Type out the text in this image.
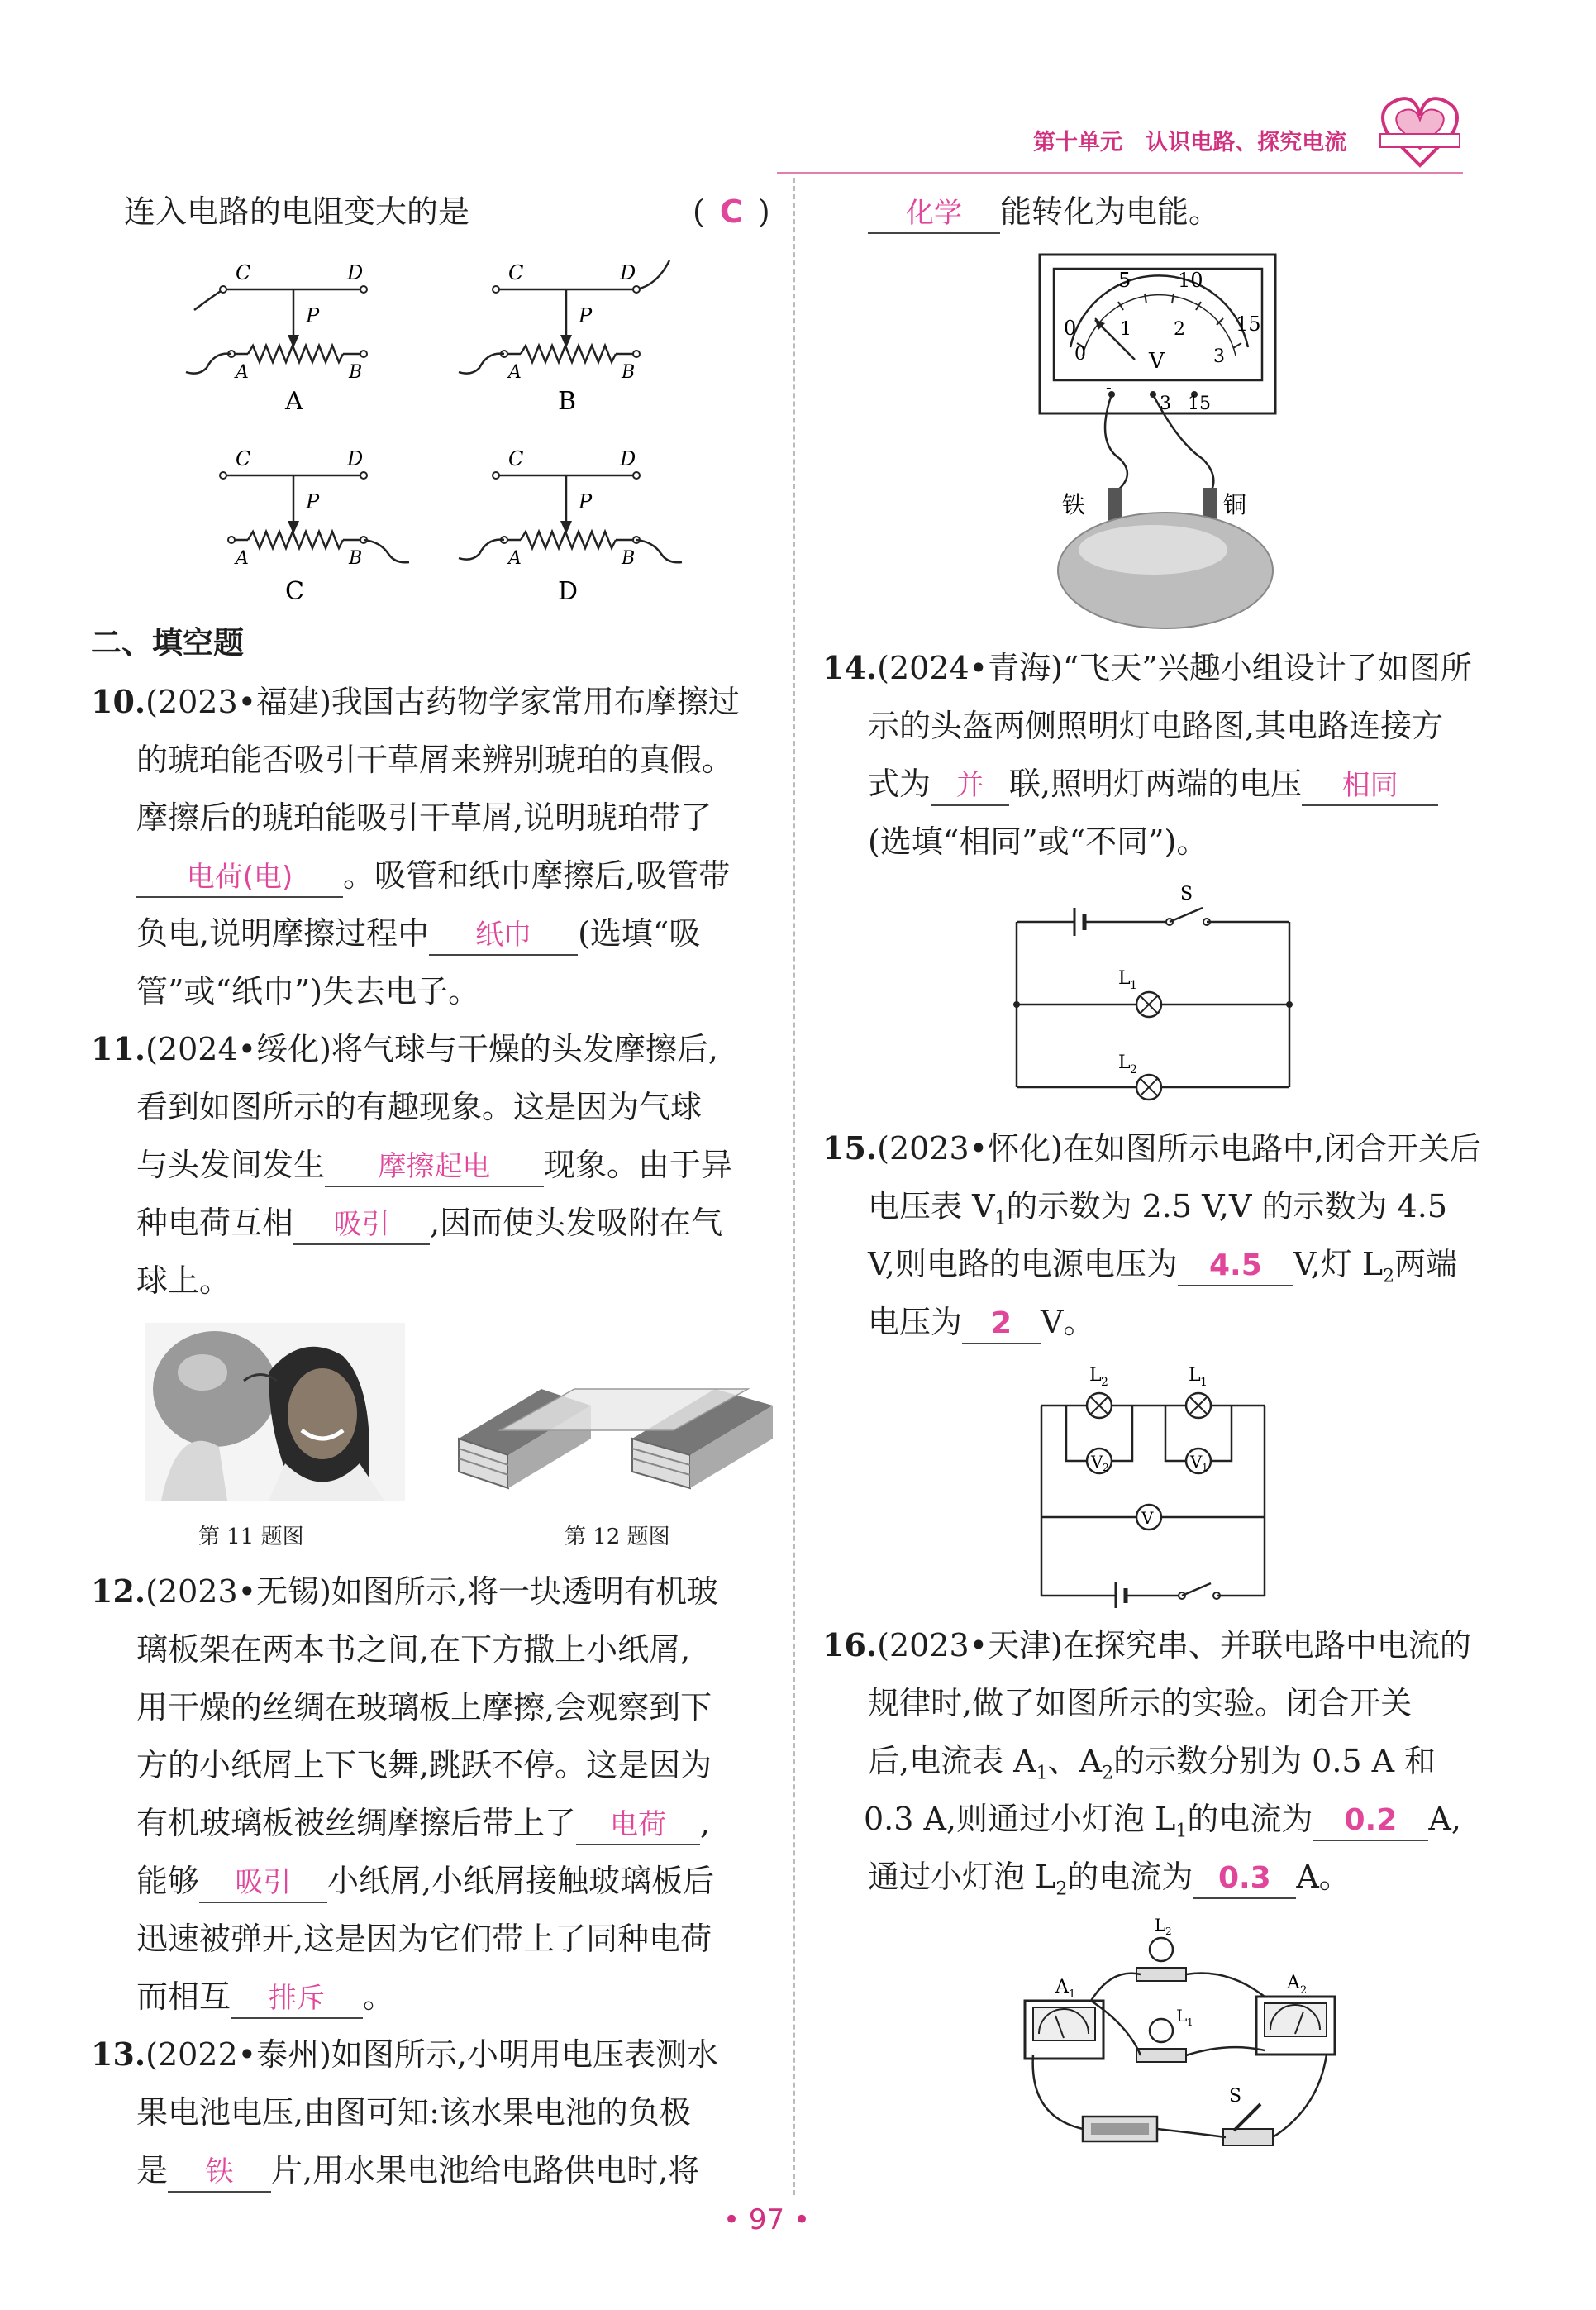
第十单元 认识电路、探究电流
连入电路的电阻变大的是	( C )
C	D
P
A	B
A
C	D
P
A	B
B
C	D
P
A	B
C
C	D
P
A	B
D
二、填空题
10.(2023•福建)我国古药物学家常用布摩擦过
的琥珀能否吸引干草屑来辨别琥珀的真假。
摩擦后的琥珀能吸引干草屑,说明琥珀带了
电荷(电) 。吸管和纸巾摩擦后,吸管带
负电,说明摩擦过程中 纸巾 (选填“吸
管”或“纸巾”)失去电子。
11.(2024•绥化)将气球与干燥的头发摩擦后,
看到如图所示的有趣现象。这是因为气球
与头发间发生 摩擦起电 现象。由于异
种电荷互相 吸引 ,因而使头发吸附在气
球上。
第 11 题图	第 12 题图
12.(2023•无锡)如图所示,将一块透明有机玻
璃板架在两本书之间,在下方撒上小纸屑,
用干燥的丝绸在玻璃板上摩擦,会观察到下
方的小纸屑上下飞舞,跳跃不停。这是因为
有机玻璃板被丝绸摩擦后带上了 电荷 ,
能够 吸引 小纸屑,小纸屑接触玻璃板后
迅速被弹开,这是因为它们带上了同种电荷
而相互 排斥 。
13.(2022•泰州)如图所示,小明用电压表测水
果电池电压,由图可知:该水果电池的负极
是 铁 片,用水果电池给电路供电时,将
化学 能转化为电能。
5 10
0	15
1 2
0	3
V
-
3 15
铁	铜
14.(2024•青海)“飞天”兴趣小组设计了如图所
示的头盔两侧照明灯电路图,其电路连接方
式为 并 联,照明灯两端的电压 相同
(选填“相同”或“不同”)。
S
L 1
L 2
15.(2023•怀化)在如图所示电路中,闭合开关后
电压表 $V_1$的示数为 2.5 V,V 的示数为 4.5
V,则电路的电源电压为 4.5 V,灯 $L_2$两端
电压为 2 V。
L 2	L 1
V 2	V 1
V
16.(2023•天津)在探究串、并联电路中电流的
规律时,做了如图所示的实验。闭合开关
后,电流表 $A_1$、$A_2$的示数分别为 0.5 A 和
0.3 A,则通过小灯泡 $L_1$的电流为 0.2 A,
通过小灯泡 $L_2$的电流为 0.3 A。
A 1
A 2
L 2
L 1
S
• 97 •
